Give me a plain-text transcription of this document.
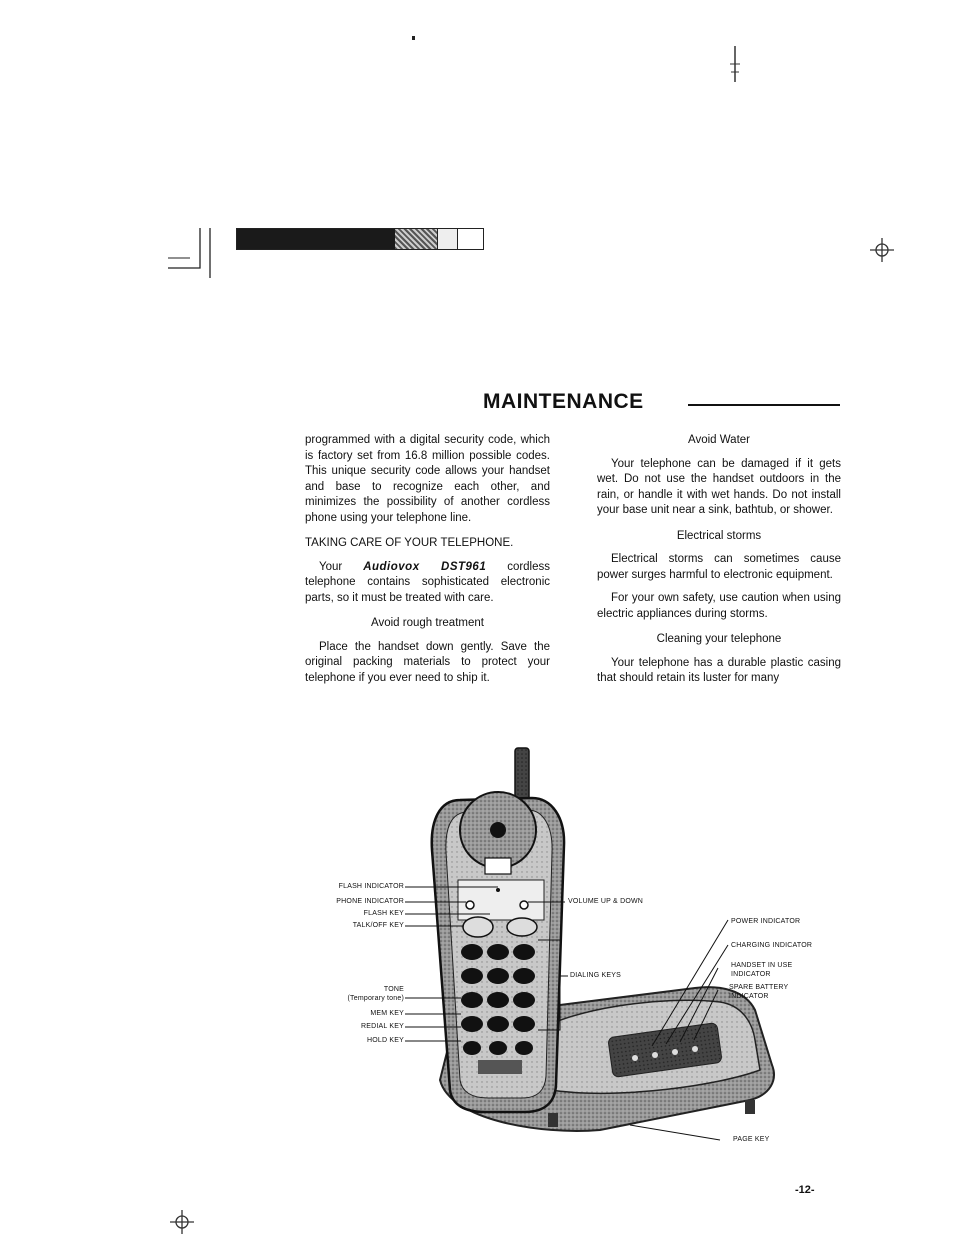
MAINTENANCE

programmed with a digital security code, which is factory set from 16.8 million possible codes. This unique security code allows your handset and base to recognize each other, and minimizes the possibility of another cordless phone using your telephone line.

TAKING CARE OF YOUR TELEPHONE.

Your Audiovox DST961 cordless telephone contains sophisticated electronic parts, so it must be treated with care.

Avoid rough treatment

Place the handset down gently. Save the original packing materials to protect your telephone if you ever need to ship it.

Avoid Water

Your telephone can be damaged if it gets wet. Do not use the handset outdoors in the rain, or handle it with wet hands. Do not install your base unit near a sink, bathtub, or shower.

Electrical storms

Electrical storms can sometimes cause power surges harmful to electronic equipment.

For your own safety, use caution when using electric appliances during storms.

Cleaning your telephone

Your telephone has a durable plastic casing that should retain its luster for many

FLASH INDICATOR
PHONE INDICATOR
FLASH KEY
TALK/OFF KEY
TONE
(Temporary tone)
MEM KEY
REDIAL KEY
HOLD KEY
VOLUME UP & DOWN
DIALING KEYS
POWER INDICATOR
CHARGING INDICATOR
HANDSET IN USE
INDICATOR
SPARE BATTERY
INDICATOR
PAGE KEY
-12-
